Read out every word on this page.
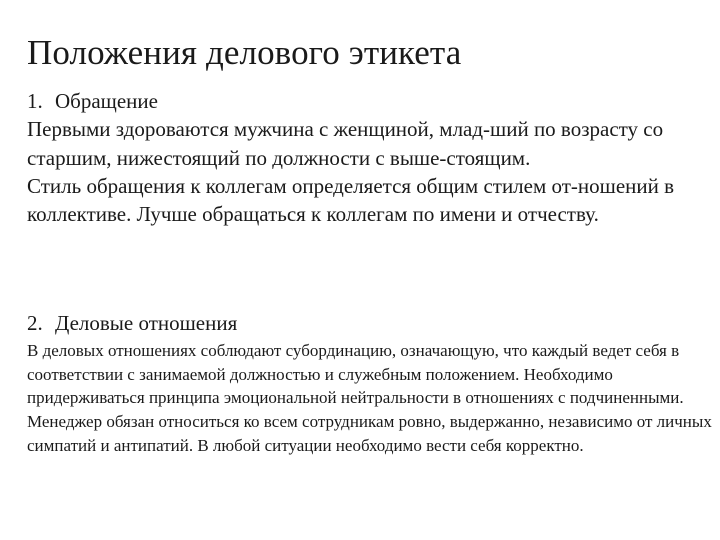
Положения делового этикета
1. Обращение
Первыми здороваются мужчина с женщиной, млад-ший по возрасту со старшим, нижестоящий по должности с выше-стоящим.
Стиль обращения к коллегам определяется общим стилем от-ношений в коллективе. Лучше обращаться к коллегам по имени и отчеству.
2. Деловые отношения
В деловых отношениях соблюдают субординацию, означающую, что каждый ведет себя в соответствии с занимаемой должностью и служебным положением. Необходимо придерживаться принципа эмоциональной нейтральности в отношениях с подчиненными. Менеджер обязан относиться ко всем сотрудникам ровно, выдержанно, независимо от личных симпатий и антипатий. В любой ситуации необходимо вести себя корректно.
